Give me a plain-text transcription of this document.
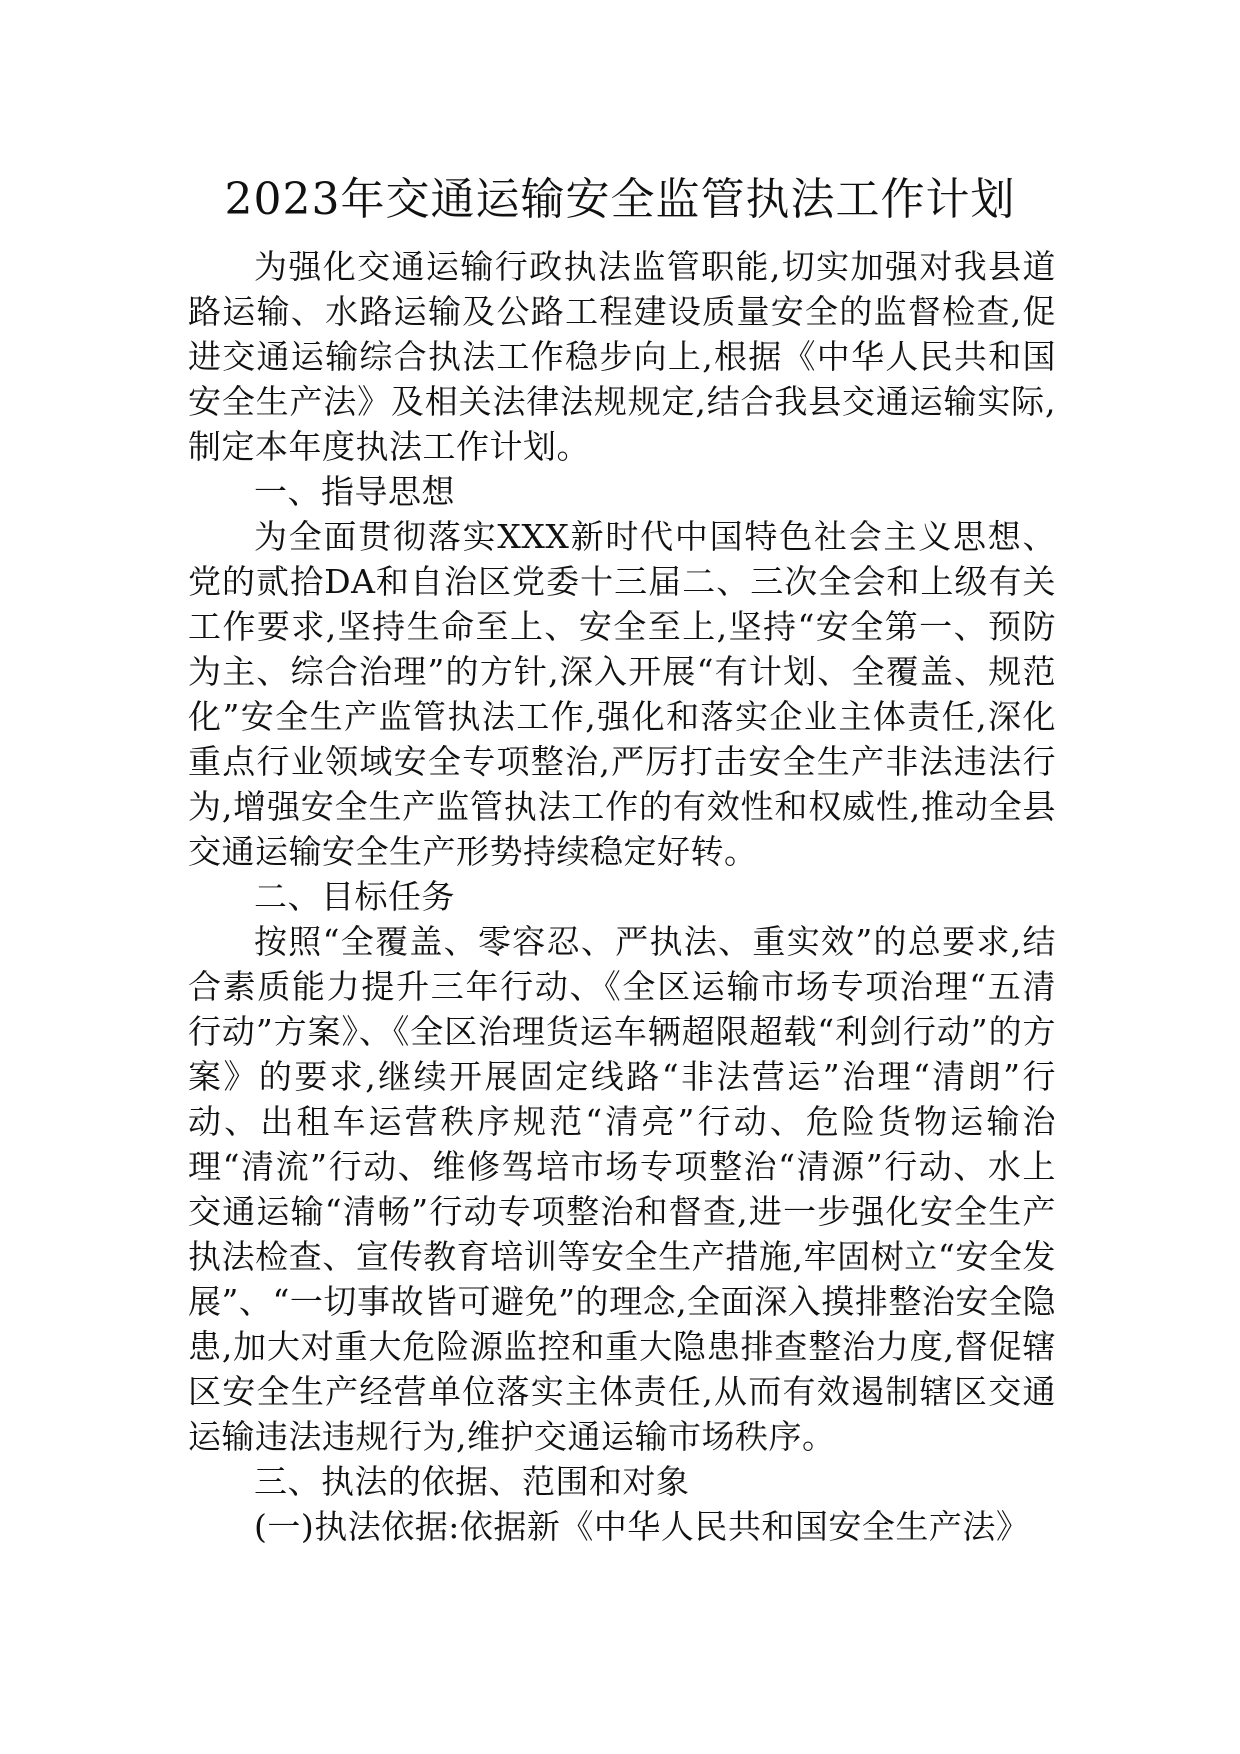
2023年交通运输安全监管执法工作计划

为强化交通运输行政执法监管职能,切实加强对我县道路运输、水路运输及公路工程建设质量安全的监督检查,促进交通运输综合执法工作稳步向上,根据《中华人民共和国安全生产法》及相关法律法规规定,结合我县交通运输实际,制定本年度执法工作计划。

一、指导思想

为全面贯彻落实XXX新时代中国特色社会主义思想、党的贰拾DA和自治区党委十三届二、三次全会和上级有关工作要求,坚持生命至上、安全至上,坚持“安全第一、预防为主、综合治理”的方针,深入开展“有计划、全覆盖、规范化”安全生产监管执法工作,强化和落实企业主体责任,深化重点行业领域安全专项整治,严厉打击安全生产非法违法行为,增强安全生产监管执法工作的有效性和权威性,推动全县交通运输安全生产形势持续稳定好转。

二、目标任务

按照“全覆盖、零容忍、严执法、重实效”的总要求,结合素质能力提升三年行动、《全区运输市场专项治理“五清行动”方案》、《全区治理货运车辆超限超载“利剑行动”的方案》的要求,继续开展固定线路“非法营运”治理“清朗”行动、出租车运营秩序规范“清亮”行动、危险货物运输治理“清流”行动、维修驾培市场专项整治“清源”行动、水上交通运输“清畅”行动专项整治和督查,进一步强化安全生产执法检查、宣传教育培训等安全生产措施,牢固树立“安全发展”、“一切事故皆可避免”的理念,全面深入摸排整治安全隐患,加大对重大危险源监控和重大隐患排查整治力度,督促辖区安全生产经营单位落实主体责任,从而有效遏制辖区交通运输违法违规行为,维护交通运输市场秩序。

三、执法的依据、范围和对象

(一)执法依据:依据新《中华人民共和国安全生产法》
